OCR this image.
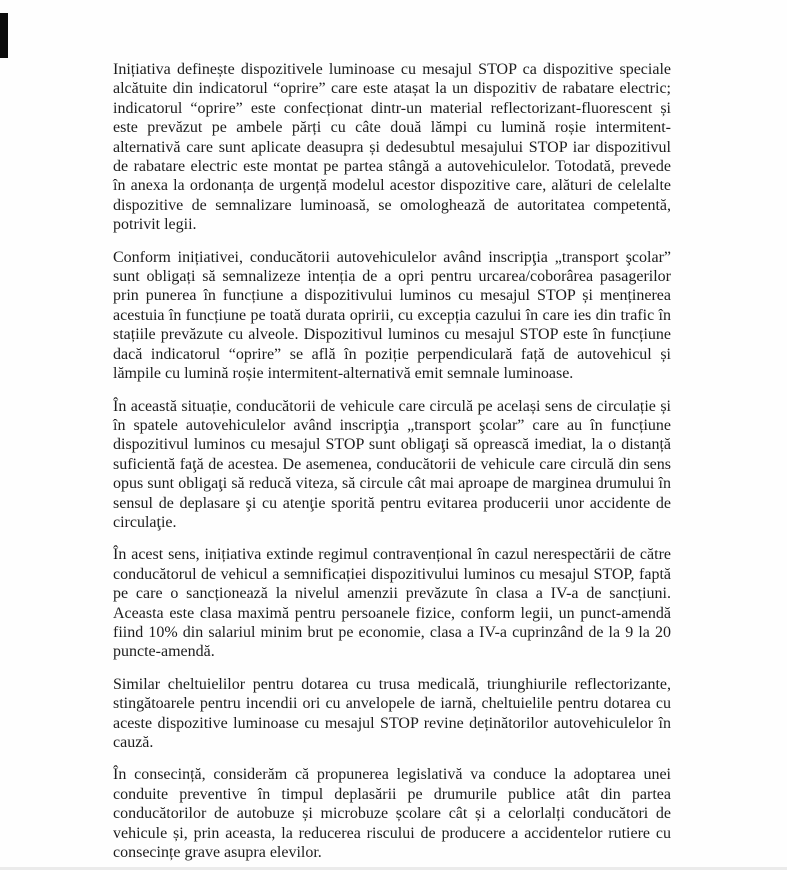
Inițiativa definește dispozitivele luminoase cu mesajul STOP ca dispozitive speciale alcătuite din indicatorul “oprire” care este atașat la un dispozitiv de rabatare electric; indicatorul “oprire” este confecționat dintr-un material reflectorizant-fluorescent și este prevăzut pe ambele părți cu câte două lămpi cu lumină roșie intermitent-alternativă care sunt aplicate deasupra și dedesubtul mesajului STOP iar dispozitivul de rabatare electric este montat pe partea stângă a autovehiculelor. Totodată, prevede în anexa la ordonanța de urgență modelul acestor dispozitive care, alături de celelalte dispozitive de semnalizare luminoasă, se omologhează de autoritatea competentă, potrivit legii.

Conform inițiativei, conducătorii autovehiculelor având inscripţia „transport şcolar” sunt obligați să semnalizeze intenția de a opri pentru urcarea/coborârea pasagerilor prin punerea în funcțiune a dispozitivului luminos cu mesajul STOP și menținerea acestuia în funcțiune pe toată durata opririi, cu excepția cazului în care ies din trafic în stațiile prevăzute cu alveole. Dispozitivul luminos cu mesajul STOP este în funcțiune dacă indicatorul “oprire” se află în poziție perpendiculară față de autovehicul și lămpile cu lumină roșie intermitent-alternativă emit semnale luminoase.

În această situație, conducătorii de vehicule care circulă pe același sens de circulație și în spatele autovehiculelor având inscripţia „transport şcolar” care au în funcțiune dispozitivul luminos cu mesajul STOP sunt obligaţi să oprească imediat, la o distanță suficientă faţă de acestea. De asemenea, conducătorii de vehicule care circulă din sens opus sunt obligaţi să reducă viteza, să circule cât mai aproape de marginea drumului în sensul de deplasare şi cu atenţie sporită pentru evitarea producerii unor accidente de circulaţie.

În acest sens, inițiativa extinde regimul contravențional în cazul nerespectării de către conducătorul de vehicul a semnificației dispozitivului luminos cu mesajul STOP, faptă pe care o sancționează la nivelul amenzii prevăzute în clasa a IV-a de sancțiuni. Aceasta este clasa maximă pentru persoanele fizice, conform legii, un punct-amendă fiind 10% din salariul minim brut pe economie, clasa a IV-a cuprinzând de la 9 la 20 puncte-amendă.

Similar cheltuielilor pentru dotarea cu trusa medicală, triunghiurile reflectorizante, stingătoarele pentru incendii ori cu anvelopele de iarnă, cheltuielile pentru dotarea cu aceste dispozitive luminoase cu mesajul STOP revine deținătorilor autovehiculelor în cauză.

În consecință, considerăm că propunerea legislativă va conduce la adoptarea unei conduite preventive în timpul deplasării pe drumurile publice atât din partea conducătorilor de autobuze și microbuze școlare cât și a celorlalți conducători de vehicule și, prin aceasta, la reducerea riscului de producere a accidentelor rutiere cu consecințe grave asupra elevilor.
